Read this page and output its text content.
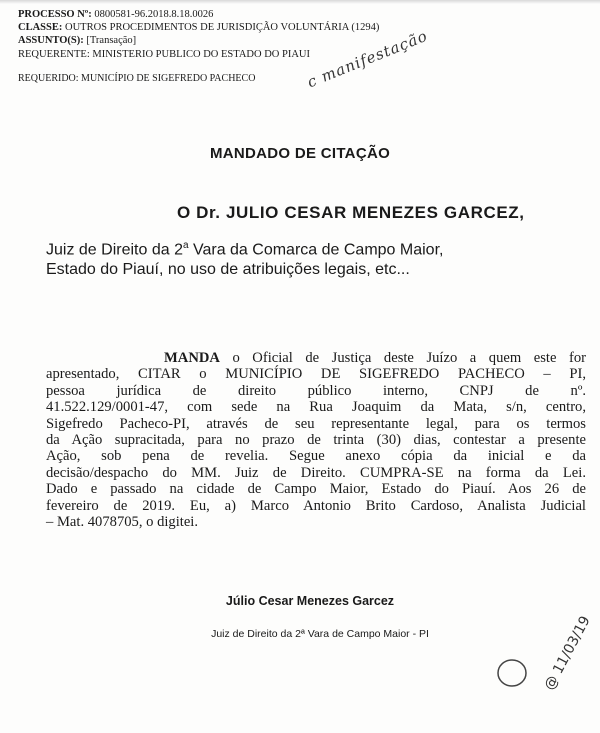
PROCESSO Nº: 0800581-96.2018.8.18.0026
CLASSE: OUTROS PROCEDIMENTOS DE JURISDIÇÃO VOLUNTÁRIA (1294)
ASSUNTO(S): [Transação]
REQUERENTE: MINISTERIO PUBLICO DO ESTADO DO PIAUI
REQUERIDO: MUNICÍPIO DE SIGEFREDO PACHECO	c manifestação
MANDADO DE CITAÇÃO
O Dr. JULIO CESAR MENEZES GARCEZ,
Juiz de Direito da 2$^a$ Vara da Comarca de Campo Maior,
Estado do Piauí, no uso de atribuições legais, etc...
MANDA o Oficial de Justiça deste Juízo a quem este for
apresentado, CITAR o MUNICÍPIO DE SIGEFREDO PACHECO – PI,
pessoa jurídica de direito público interno, CNPJ de nº.
41.522.129/0001-47, com sede na Rua Joaquim da Mata, s/n, centro,
Sigefredo Pacheco-PI, através de seu representante legal, para os termos
da Ação supracitada, para no prazo de trinta (30) dias, contestar a presente
Ação, sob pena de revelia. Segue anexo cópia da inicial e da
decisão/despacho do MM. Juiz de Direito. CUMPRA-SE na forma da Lei.
Dado e passado na cidade de Campo Maior, Estado do Piauí. Aos 26 de
fevereiro de 2019. Eu, a) Marco Antonio Brito Cardoso, Analista Judicial
– Mat. 4078705, o digitei.
Júlio Cesar Menezes Garcez
Juiz de Direito da 2ª Vara de Campo Maior - PI	@ 11/03/19
